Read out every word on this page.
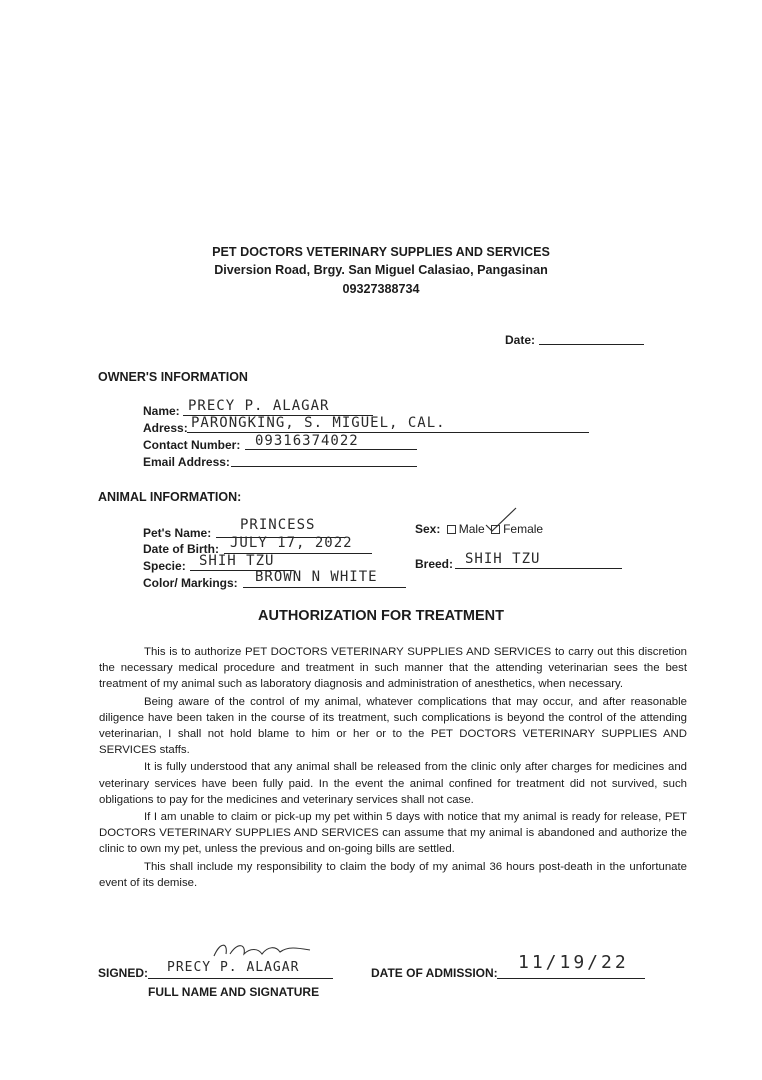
PET DOCTORS VETERINARY SUPPLIES AND SERVICES
Diversion Road, Brgy. San Miguel Calasiao, Pangasinan
09327388734
Date:
OWNER'S INFORMATION
Name: PRECY P. ALAGAR
Adress: PARONGKING, S. MIGUEL, CAL.
Contact Number: 09316374022
Email Address:
ANIMAL INFORMATION:
Pet's Name: PRINCESS
Date of Birth: JULY 17, 2022
Specie: SHIH TZU
Color/ Markings: BROWN N WHITE
Sex: Male Female
Breed: SHIH TZU
AUTHORIZATION FOR TREATMENT

This is to authorize PET DOCTORS VETERINARY SUPPLIES AND SERVICES to carry out this discretion the necessary medical procedure and treatment in such manner that the attending veterinarian sees the best treatment of my animal such as laboratory diagnosis and administration of anesthetics, when necessary.

Being aware of the control of my animal, whatever complications that may occur, and after reasonable diligence have been taken in the course of its treatment, such complications is beyond the control of the attending veterinarian, I shall not hold blame to him or her or to the PET DOCTORS VETERINARY SUPPLIES AND SERVICES staffs.

It is fully understood that any animal shall be released from the clinic only after charges for medicines and veterinary services have been fully paid. In the event the animal confined for treatment did not survived, such obligations to pay for the medicines and veterinary services shall not case.

If I am unable to claim or pick-up my pet within 5 days with notice that my animal is ready for release, PET DOCTORS VETERINARY SUPPLIES AND SERVICES can assume that my animal is abandoned and authorize the clinic to own my pet, unless the previous and on-going bills are settled.

This shall include my responsibility to claim the body of my animal 36 hours post-death in the unfortunate event of its demise.

SIGNED: PRECY P. ALAGAR
FULL NAME AND SIGNATURE
DATE OF ADMISSION: 11/19/22
